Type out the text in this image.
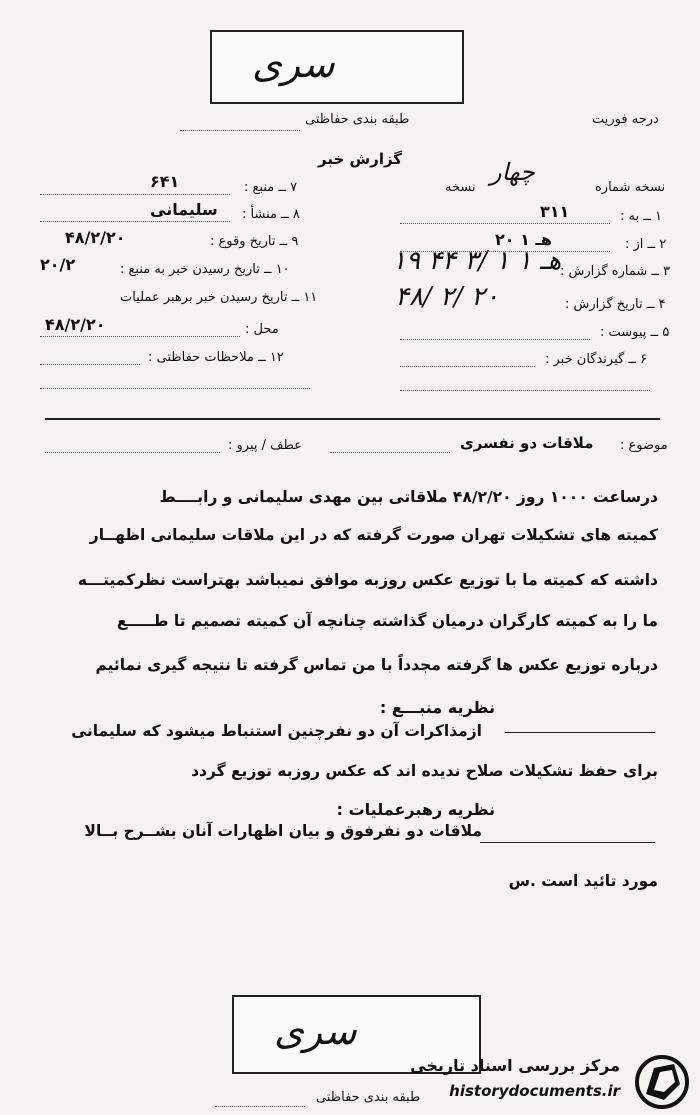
سری
طبقه بندی حفاظتی	درجه فوریت
گزارش خبر
۷ ــ منبع :
۶۴۱
۸ ــ منشأ :
سلیمانی
۹ ــ تاریخ وقوع :
۴۸/۲/۲۰
۱۰ ــ تاریخ رسیدن خبر به منبع :
۲۰/۲
۱۱ ــ تاریخ رسیدن خبر برهبر عملیات
محل :
۴۸/۲/۲۰
۱۲ ــ ملاحظات حفاظتی :
نسخه شماره
چهار
نسخه
۱ ــ به :
۳۱۱
۲ ــ از :
۲۰ هـ ۱
۳ ــ شماره گزارش :
۱۹ ۴۴ ۳/ ۱ هـ ۱
۴ ــ تاریخ گزارش :
۴۸/ ۲/ ۲۰
۵ ــ پیوست :
۶ ــ گیرندگان خبر :
موضوع :
ملاقات دو نفسری
عطف / پیرو :
درساعت ۱۰۰۰ روز ۴۸/۲/۲۰ ملاقاتی بین مهدی سلیمانی و رابــــط
کمیته های تشکیلات تهران صورت گرفته که در این ملاقات سلیمانی اظهــار
داشته که کمیته ما با توزیع عکس روزبه موافق نمیباشد بهتراست نظرکمیتـــه
ما را به کمیته کارگران درمیان گذاشته چنانچه آن کمیته تصمیم تا طـــــع
درباره توزیع عکس ها گرفته مجدداً با من تماس گرفته تا نتیجه گیری نمائیم
نظریه منبـــع :
ازمذاکرات آن دو نفرچنین استنباط میشود که سلیمانی
برای حفظ تشکیلات صلاح ندیده اند که عکس روزبه توزیع گردد
نظریه رهبرعملیات :
ملاقات دو نفرفوق و بیان اظهارات آنان بشــرح بــالا
مورد تائید است .س
سری
طبقه بندی حفاظتی
مرکز بررسی اسناد تاریخی
historydocuments.ir
